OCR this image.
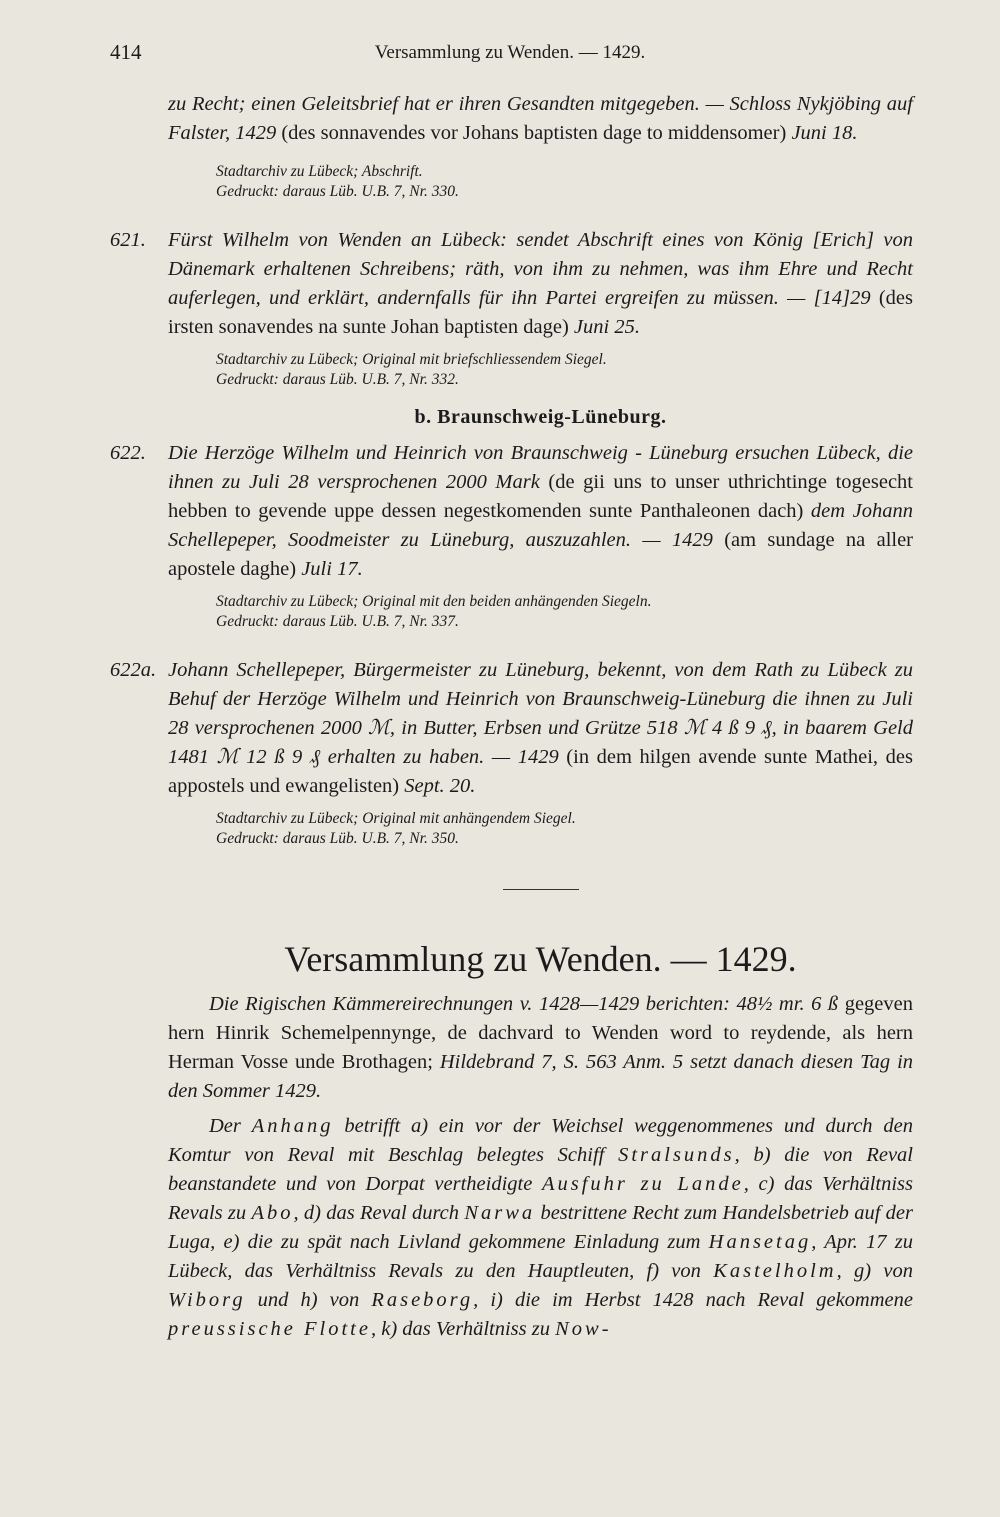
414	Versammlung zu Wenden. — 1429.

zu Recht; einen Geleitsbrief hat er ihren Gesandten mitgegeben. — Schloss Nykjöbing auf Falster, 1429 (des sonnavendes vor Johans baptisten dage to middensomer) Juni 18.

Stadtarchiv zu Lübeck; Abschrift.

Gedruckt: daraus Lüb. U.B. 7, Nr. 330.

621. Fürst Wilhelm von Wenden an Lübeck: sendet Abschrift eines von König [Erich] von Dänemark erhaltenen Schreibens; räth, von ihm zu nehmen, was ihm Ehre und Recht auferlegen, und erklärt, andernfalls für ihn Partei ergreifen zu müssen. — [14]29 (des irsten sonavendes na sunte Johan baptisten dage) Juni 25.

Stadtarchiv zu Lübeck; Original mit briefschliessendem Siegel.

Gedruckt: daraus Lüb. U.B. 7, Nr. 332.

b. Braunschweig-Lüneburg.

622. Die Herzöge Wilhelm und Heinrich von Braunschweig - Lüneburg ersuchen Lübeck, die ihnen zu Juli 28 versprochenen 2000 Mark (de gii uns to unser uthrichtinge togesecht hebben to gevende uppe dessen negestkomenden sunte Panthaleonen dach) dem Johann Schellepeper, Soodmeister zu Lüneburg, auszuzahlen. — 1429 (am sundage na aller apostele daghe) Juli 17.

Stadtarchiv zu Lübeck; Original mit den beiden anhängenden Siegeln.

Gedruckt: daraus Lüb. U.B. 7, Nr. 337.

622a. Johann Schellepeper, Bürgermeister zu Lüneburg, bekennt, von dem Rath zu Lübeck zu Behuf der Herzöge Wilhelm und Heinrich von Braunschweig-Lüneburg die ihnen zu Juli 28 versprochenen 2000 ℳ, in Butter, Erbsen und Grütze 518 ℳ 4 ß 9 ₰, in baarem Geld 1481 ℳ 12 ß 9 ₰ erhalten zu haben. — 1429 (in dem hilgen avende sunte Mathei, des appostels und ewangelisten) Sept. 20.

Stadtarchiv zu Lübeck; Original mit anhängendem Siegel.

Gedruckt: daraus Lüb. U.B. 7, Nr. 350.

Versammlung zu Wenden. — 1429.

Die Rigischen Kämmereirechnungen v. 1428—1429 berichten: 48½ mr. 6 ß gegeven hern Hinrik Schemelpennynge, de dachvard to Wenden word to reydende, als hern Herman Vosse unde Brothagen; Hildebrand 7, S. 563 Anm. 5 setzt danach diesen Tag in den Sommer 1429.

Der Anhang betrifft a) ein vor der Weichsel weggenommenes und durch den Komtur von Reval mit Beschlag belegtes Schiff Stralsunds, b) die von Reval beanstandete und von Dorpat vertheidigte Ausfuhr zu Lande, c) das Verhältniss Revals zu Abo, d) das Reval durch Narwa bestrittene Recht zum Handelsbetrieb auf der Luga, e) die zu spät nach Livland gekommene Einladung zum Hansetag, Apr. 17 zu Lübeck, das Verhältniss Revals zu den Hauptleuten, f) von Kastelholm, g) von Wiborg und h) von Raseborg, i) die im Herbst 1428 nach Reval gekommene preussische Flotte, k) das Verhältniss zu Now-
